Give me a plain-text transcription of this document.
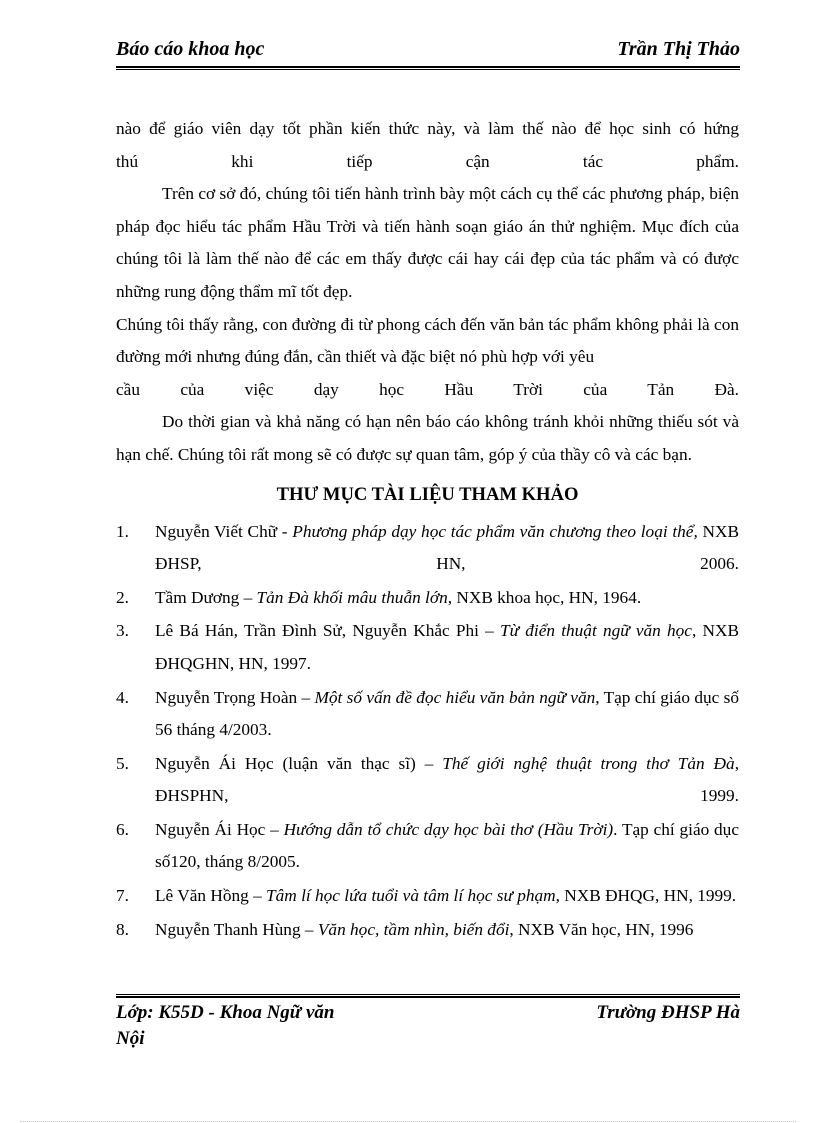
Báo cáo khoa học	Trần Thị Thảo

nào để giáo viên dạy tốt phần kiến thức này, và làm thế nào để học sinh có hứng

thú khi tiếp cận tác phẩm.

Trên cơ sở đó, chúng tôi tiến hành trình bày một cách cụ thể các phương pháp, biện pháp đọc hiểu tác phẩm Hầu Trời và tiến hành soạn giáo án thử nghiệm. Mục đích của chúng tôi là làm thế nào để các em thấy được cái hay cái đẹp của tác phẩm và có được những rung động thẩm mĩ tốt đẹp.

Chúng tôi thấy rằng, con đường đi từ phong cách đến văn bản tác phẩm không phải là con đường mới nhưng đúng đắn, cần thiết và đặc biệt nó phù hợp với yêu

cầu của việc dạy học Hầu Trời của Tản Đà.

Do thời gian và khả năng có hạn nên báo cáo không tránh khỏi những thiếu sót và hạn chế. Chúng tôi rất mong sẽ có được sự quan tâm, góp ý của thầy cô và các bạn.

THƯ MỤC TÀI LIỆU THAM KHẢO
1. Nguyễn Viết Chữ - Phương pháp dạy học tác phẩm văn chương theo loại thể, NXB ĐHSP, HN, 2006.
2. Tầm Dương – Tản Đà khối mâu thuẫn lớn, NXB khoa học, HN, 1964.
3. Lê Bá Hán, Trần Đình Sử, Nguyễn Khắc Phi – Từ điển thuật ngữ văn học, NXB ĐHQGHN, HN, 1997.
4. Nguyễn Trọng Hoàn – Một số vấn đề đọc hiểu văn bản ngữ văn, Tạp chí giáo dục số 56 tháng 4/2003.
5. Nguyễn Ái Học (luận văn thạc sĩ) – Thế giới nghệ thuật trong thơ Tản Đà, ĐHSPHN, 1999.
6. Nguyễn Ái Học – Hướng dẫn tổ chức dạy học bài thơ (Hầu Trời). Tạp chí giáo dục số120, tháng 8/2005.
7. Lê Văn Hồng – Tâm lí học lứa tuổi và tâm lí học sư phạm, NXB ĐHQG, HN, 1999.
8. Nguyễn Thanh Hùng – Văn học, tầm nhìn, biến đổi, NXB Văn học, HN, 1996
Lớp: K55D - Khoa Ngữ văn Nội
Trường ĐHSP Hà
